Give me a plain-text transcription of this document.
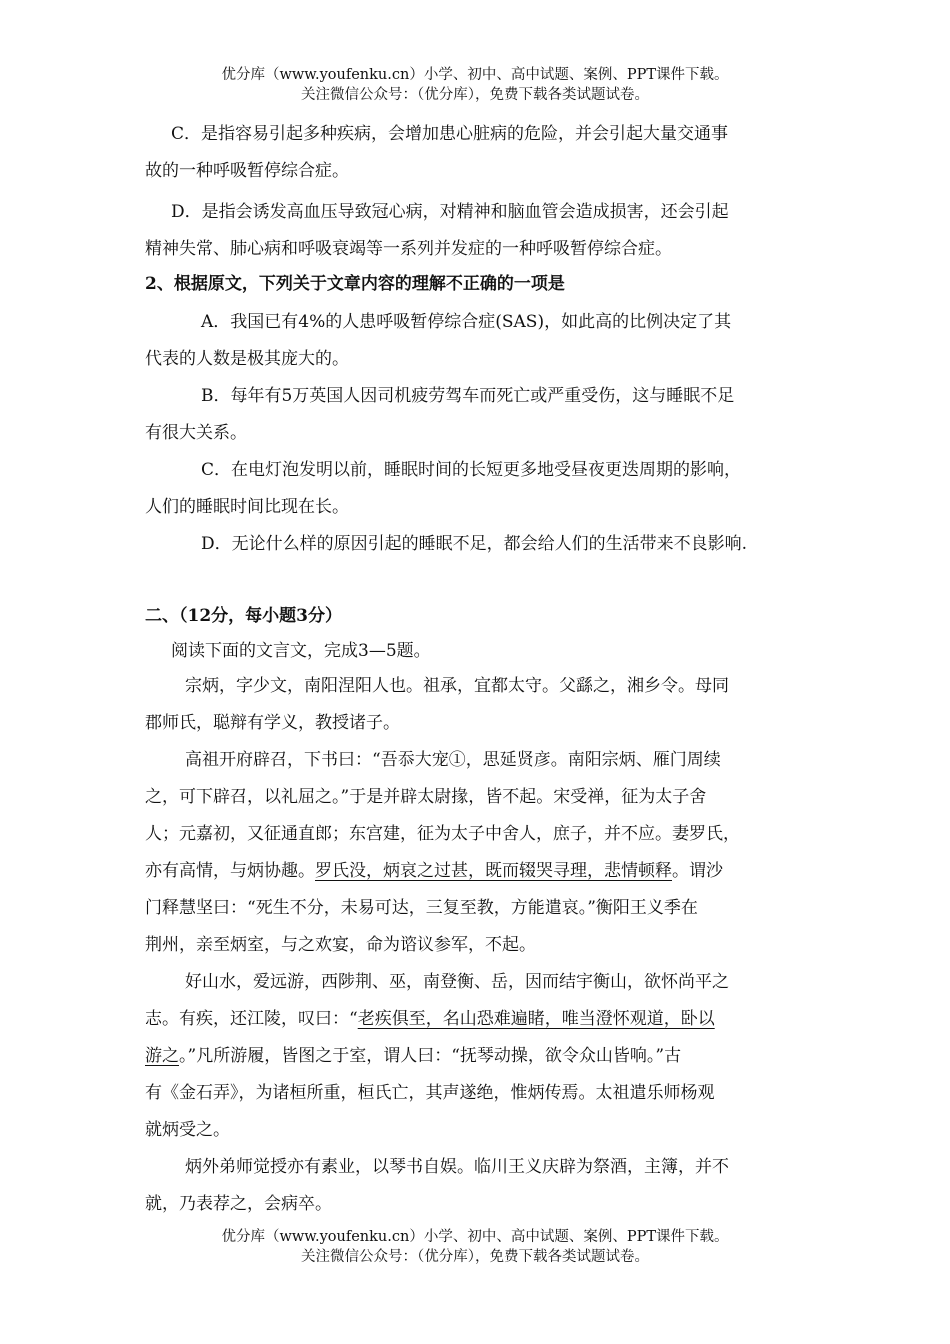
优分库（www.youfenku.cn）小学、初中、高中试题、案例、PPT课件下载。
关注微信公众号：（优分库），免费下载各类试题试卷。
C．是指容易引起多种疾病，会增加患心脏病的危险，并会引起大量交通事
故的一种呼吸暂停综合症。
D．是指会诱发高血压导致冠心病，对精神和脑血管会造成损害，还会引起
精神失常、肺心病和呼吸衰竭等一系列并发症的一种呼吸暂停综合症。
2、根据原文，下列关于文章内容的理解不正确的一项是
A．我国已有4%的人患呼吸暂停综合症(SAS)，如此高的比例决定了其
代表的人数是极其庞大的。
B．每年有5万英国人因司机疲劳驾车而死亡或严重受伤，这与睡眠不足
有很大关系。
C．在电灯泡发明以前，睡眠时间的长短更多地受昼夜更迭周期的影响，
人们的睡眠时间比现在长。
D．无论什么样的原因引起的睡眠不足，都会给人们的生活带来不良影响.
二、（12分，每小题3分）
阅读下面的文言文，完成3—5题。
宗炳，字少文，南阳涅阳人也。祖承，宜都太守。父繇之，湘乡令。母同
郡师氏，聪辩有学义，教授诸子。
高祖开府辟召，下书曰：“吾忝大宠①，思延贤彦。南阳宗炳、雁门周续
之，可下辟召，以礼屈之。”于是并辟太尉掾，皆不起。宋受禅，征为太子舍
人；元嘉初，又征通直郎；东宫建，征为太子中舍人，庶子，并不应。妻罗氏，
亦有高情，与炳协趣。罗氏没，炳哀之过甚，既而辍哭寻理，悲情顿释。谓沙
门释慧坚曰：“死生不分，未易可达，三复至教，方能遣哀。”衡阳王义季在
荆州，亲至炳室，与之欢宴，命为谘议参军，不起。
好山水，爱远游，西陟荆、巫，南登衡、岳，因而结宇衡山，欲怀尚平之
志。有疾，还江陵，叹曰：“老疾俱至，名山恐难遍睹，唯当澄怀观道，卧以
游之。”凡所游履，皆图之于室，谓人曰：“抚琴动操，欲令众山皆响。”古
有《金石弄》，为诸桓所重，桓氏亡，其声遂绝，惟炳传焉。太祖遣乐师杨观
就炳受之。
炳外弟师觉授亦有素业，以琴书自娱。临川王义庆辟为祭酒，主簿，并不
就，乃表荐之，会病卒。
优分库（www.youfenku.cn）小学、初中、高中试题、案例、PPT课件下载。
关注微信公众号：（优分库），免费下载各类试题试卷。
